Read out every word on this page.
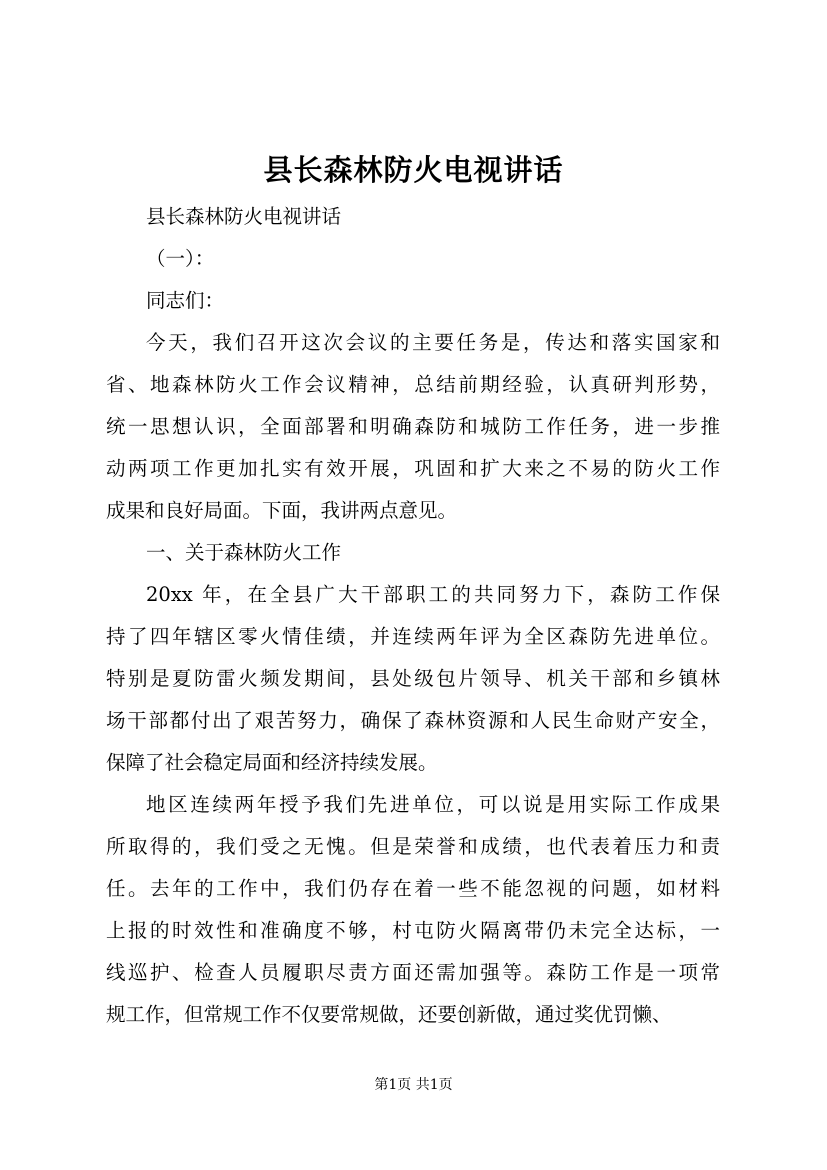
县长森林防火电视讲话
县长森林防火电视讲话
（一）：
同志们：
今天，我们召开这次会议的主要任务是，传达和落实国家和
省、地森林防火工作会议精神，总结前期经验，认真研判形势，
统一思想认识，全面部署和明确森防和城防工作任务，进一步推
动两项工作更加扎实有效开展，巩固和扩大来之不易的防火工作
成果和良好局面。下面，我讲两点意见。
一、关于森林防火工作
20xx 年，在全县广大干部职工的共同努力下，森防工作保
持了四年辖区零火情佳绩，并连续两年评为全区森防先进单位。
特别是夏防雷火频发期间，县处级包片领导、机关干部和乡镇林
场干部都付出了艰苦努力，确保了森林资源和人民生命财产安全，
保障了社会稳定局面和经济持续发展。
地区连续两年授予我们先进单位，可以说是用实际工作成果
所取得的，我们受之无愧。但是荣誉和成绩，也代表着压力和责
任。去年的工作中，我们仍存在着一些不能忽视的问题，如材料
上报的时效性和准确度不够，村屯防火隔离带仍未完全达标，一
线巡护、检查人员履职尽责方面还需加强等。森防工作是一项常
规工作，但常规工作不仅要常规做，还要创新做，通过奖优罚懒、
第1页 共1页
